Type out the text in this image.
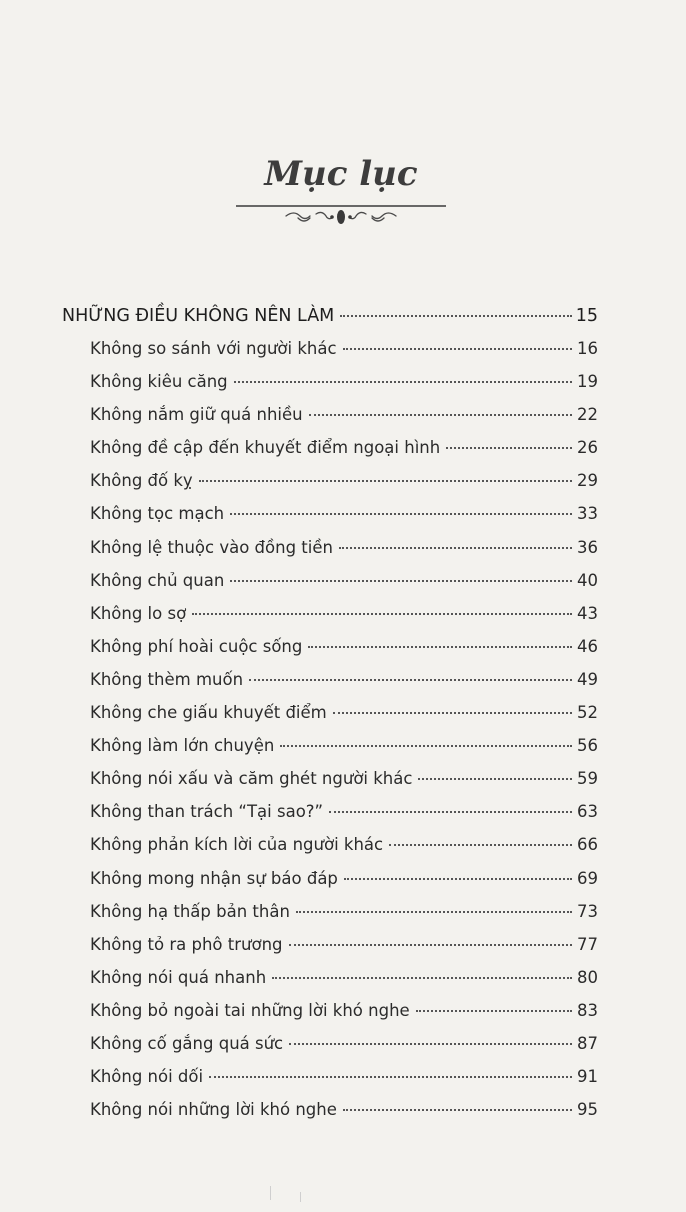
Mục lục
NHỮNG ĐIỀU KHÔNG NÊN LÀM	15
Không so sánh với người khác	16
Không kiêu căng	19
Không nắm giữ quá nhiều	22
Không đề cập đến khuyết điểm ngoại hình	26
Không đố kỵ	29
Không tọc mạch	33
Không lệ thuộc vào đồng tiền	36
Không chủ quan	40
Không lo sợ	43
Không phí hoài cuộc sống	46
Không thèm muốn	49
Không che giấu khuyết điểm	52
Không làm lớn chuyện	56
Không nói xấu và căm ghét người khác	59
Không than trách “Tại sao?”	63
Không phản kích lời của người khác	66
Không mong nhận sự báo đáp	69
Không hạ thấp bản thân	73
Không tỏ ra phô trương	77
Không nói quá nhanh	80
Không bỏ ngoài tai những lời khó nghe	83
Không cố gắng quá sức	87
Không nói dối	91
Không nói những lời khó nghe	95
